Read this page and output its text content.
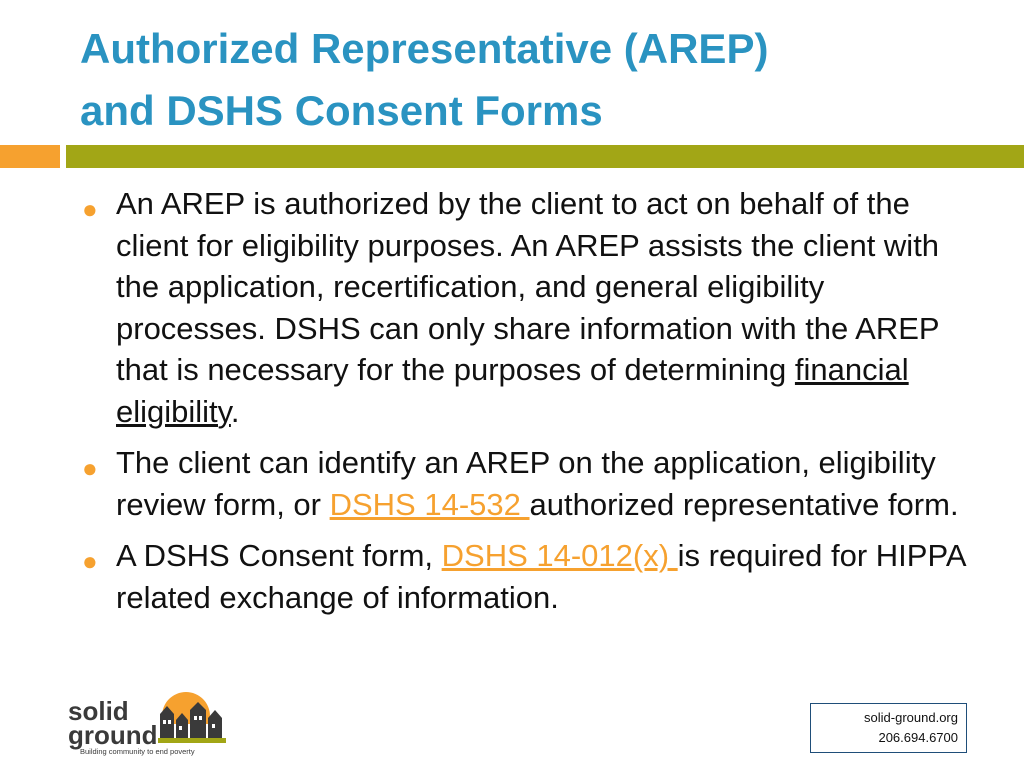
Authorized Representative (AREP)
and DSHS Consent Forms
● An AREP is authorized by the client to act on behalf of the client for eligibility purposes. An AREP assists the client with the application, recertification, and general eligibility processes. DSHS can only share information with the AREP that is necessary for the purposes of determining financial eligibility.
● The client can identify an AREP on the application, eligibility review form, or DSHS 14-532 authorized representative form.
● A DSHS Consent form, DSHS 14-012(x) is required for HIPPA related exchange of information.
solid
ground
Building community to end poverty
solid-ground.org
206.694.6700
